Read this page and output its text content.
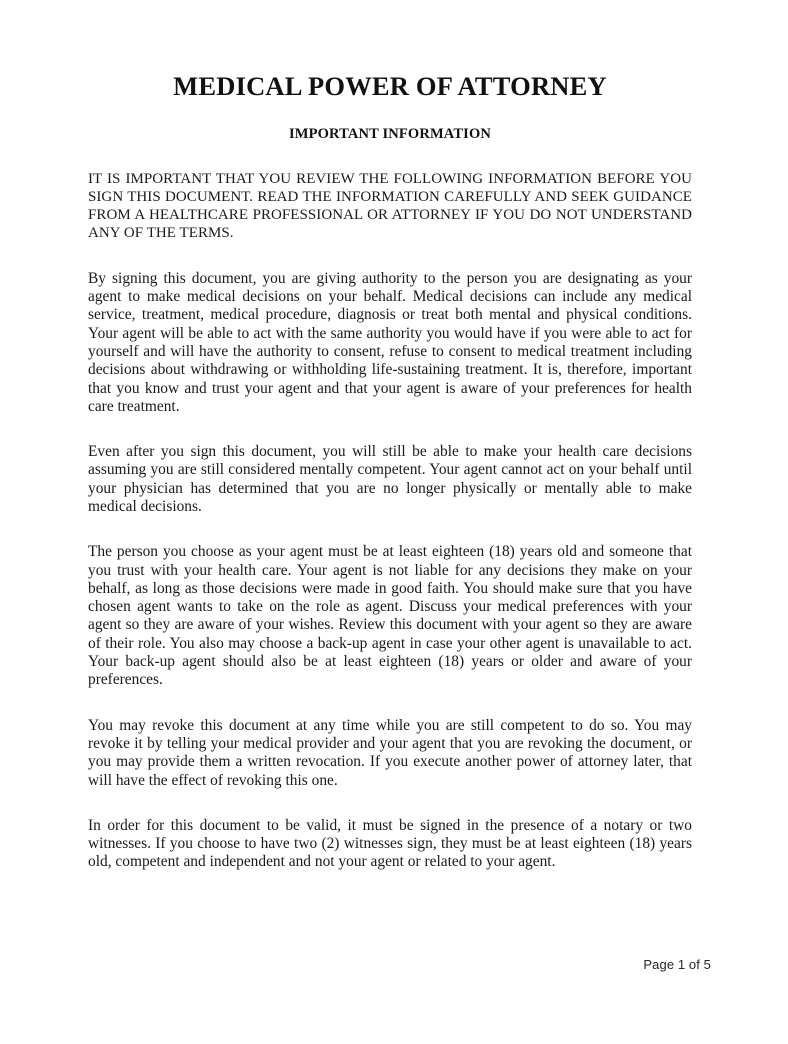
MEDICAL POWER OF ATTORNEY
IMPORTANT INFORMATION

IT IS IMPORTANT THAT YOU REVIEW THE FOLLOWING INFORMATION BEFORE YOU SIGN THIS DOCUMENT. READ THE INFORMATION CAREFULLY AND SEEK GUIDANCE FROM A HEALTHCARE PROFESSIONAL OR ATTORNEY IF YOU DO NOT UNDERSTAND ANY OF THE TERMS.

By signing this document, you are giving authority to the person you are designating as your agent to make medical decisions on your behalf. Medical decisions can include any medical service, treatment, medical procedure, diagnosis or treat both mental and physical conditions. Your agent will be able to act with the same authority you would have if you were able to act for yourself and will have the authority to consent, refuse to consent to medical treatment including decisions about withdrawing or withholding life-sustaining treatment. It is, therefore, important that you know and trust your agent and that your agent is aware of your preferences for health care treatment.

Even after you sign this document, you will still be able to make your health care decisions assuming you are still considered mentally competent. Your agent cannot act on your behalf until your physician has determined that you are no longer physically or mentally able to make medical decisions.

The person you choose as your agent must be at least eighteen (18) years old and someone that you trust with your health care. Your agent is not liable for any decisions they make on your behalf, as long as those decisions were made in good faith. You should make sure that you have chosen agent wants to take on the role as agent. Discuss your medical preferences with your agent so they are aware of your wishes. Review this document with your agent so they are aware of their role. You also may choose a back-up agent in case your other agent is unavailable to act. Your back-up agent should also be at least eighteen (18) years or older and aware of your preferences.

You may revoke this document at any time while you are still competent to do so. You may revoke it by telling your medical provider and your agent that you are revoking the document, or you may provide them a written revocation. If you execute another power of attorney later, that will have the effect of revoking this one.

In order for this document to be valid, it must be signed in the presence of a notary or two witnesses. If you choose to have two (2) witnesses sign, they must be at least eighteen (18) years old, competent and independent and not your agent or related to your agent.

Page 1 of 5
